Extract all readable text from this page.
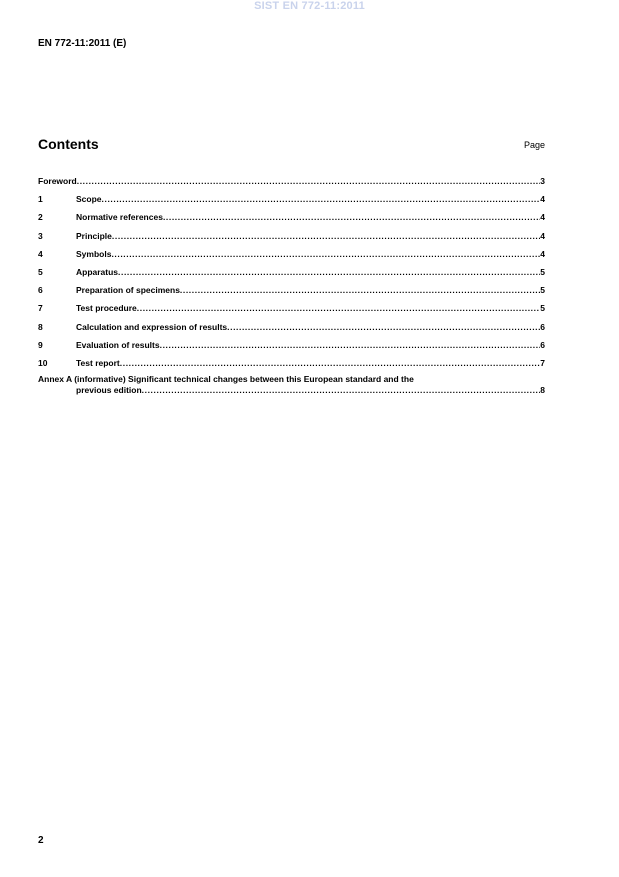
SIST EN 772-11:2011
EN 772-11:2011 (E)
Contents	Page
Foreword .....	3
1	Scope .....	4
2	Normative references .....	4
3	Principle .....	4
4	Symbols .....	4
5	Apparatus .....	5
6	Preparation of specimens .....	5
7	Test procedure .....	5
8	Calculation and expression of results .....	6
9	Evaluation of results .....	6
10	Test report .....	7
Annex A (informative) Significant technical changes between this European standard and the
previous edition .....	8
2
